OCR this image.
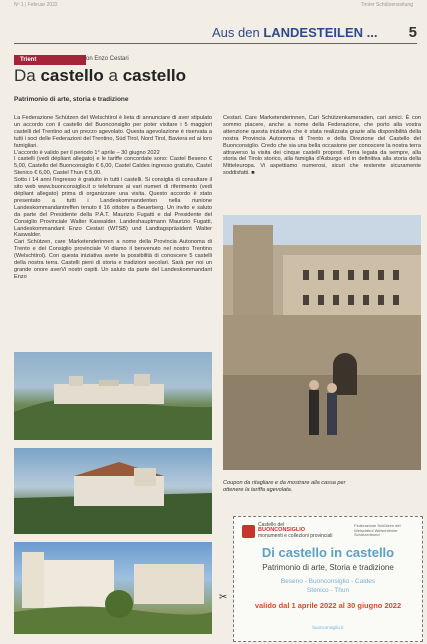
Nº 1 | Februar 2022	Tiroler Schützenzeitung
Aus den LANDESTEILEN ... 5
Trient	von Enzo Cestari
Da castello a castello
Patrimonio di arte, storia e tradizione

La Federazione Schützen del Welschtirol è lieta di annunciare di aver stipulato un accordo con il castello del Buonconsiglio per poter visitare i 5 maggiori castelli del Trentino ad un prezzo agevolato. Questa agevolazione è riservata a tutti i soci delle Federazioni del Trentino, Süd Tirol, Nord Tirol, Baviera ed ai loro famigliari.

L'accordo è valido per il periodo 1° aprile – 30 giugno 2022

I castelli (vedi dépliant allegato) e le tariffe concordate sono: Castel Beseno € 5,00, Castello del Buonconsiglio € 6,00, Castel Caldes ingresso gratuito, Castel Stenico € 6,00, Castel Thun € 5,00.

Sotto i 14 anni l'ingresso è gratuito in tutti i castelli. Si consiglia di consultare il sito web www.buonconsiglio.it o telefonare ai vari numeri di riferimento (vedi dépliant allegato) prima di organizzare una visita. Questo accordo è stato presentato a tutti i Landeskommandenten nella riunione Landeskommandantreffen tenuto il 16 ottobre a Beuerberg. Un invito e saluto da parte del Presidente della P.A.T. Maurizio Fugatti e dal Presidente del Consiglio Provinciale Walter Kaswalder. Landeshauptmann Maurizio Fugatti, Landeskommandant Enzo Cestari (WTSB) und Landtagspräsident Walter Kaswalder.

Cari Schützen, care Marketenderinnen a nome della Provincia Autonoma di Trento e del Consiglio provinciale Vi diamo il benvenuto nel nostro Trentino (Welschtirol). Con questa iniziativa avete la possibilità di conoscere 5 castelli della nostra terra. Castelli pieni di storia e tradizioni secolari. Sarà per noi un grande onore averVi nostri ospiti. Un saluto da parte del Landeskommandant Enzo

Cestari. Care Marketenderinnen, Cari Schützenkameraden, cari amici. È con sommo piacere, anche a nome della Federazione, che porto alla vostra attenzione questa iniziativa che è stata realizzata grazie alla disponibilità della nostra Provincia Autonoma di Trento e della Direzione del Castello del Buonconsiglio. Credo che sia una bella occasione per conoscere la nostra terra attraverso la visita dei cinque castelli proposti. Terra legata da sempre, alla storia del Tirolo storico, alla famiglia d'Asburgo ed in definitiva alla storia della Mitteleuropa. Vi aspettiamo numerosi, sicuri che resterete sicuramente soddisfatti. ■

Coupon da ritagliare e da mostrare alla cassa per ottenere la tariffa agevolata.
✂
Castello del
BUONCONSIGLIO
monumenti e collezioni provinciali
Federazione Schützen del Welschtirol Welschtiroler Schützenbund
Di castello in castello
Patrimonio di arte, Storia e tradizione
Beseno - Buonconsiglio - Caldes
Stenico - Thun
valido dal 1 aprile 2022 al 30 giugno 2022
buonconsiglio.it
